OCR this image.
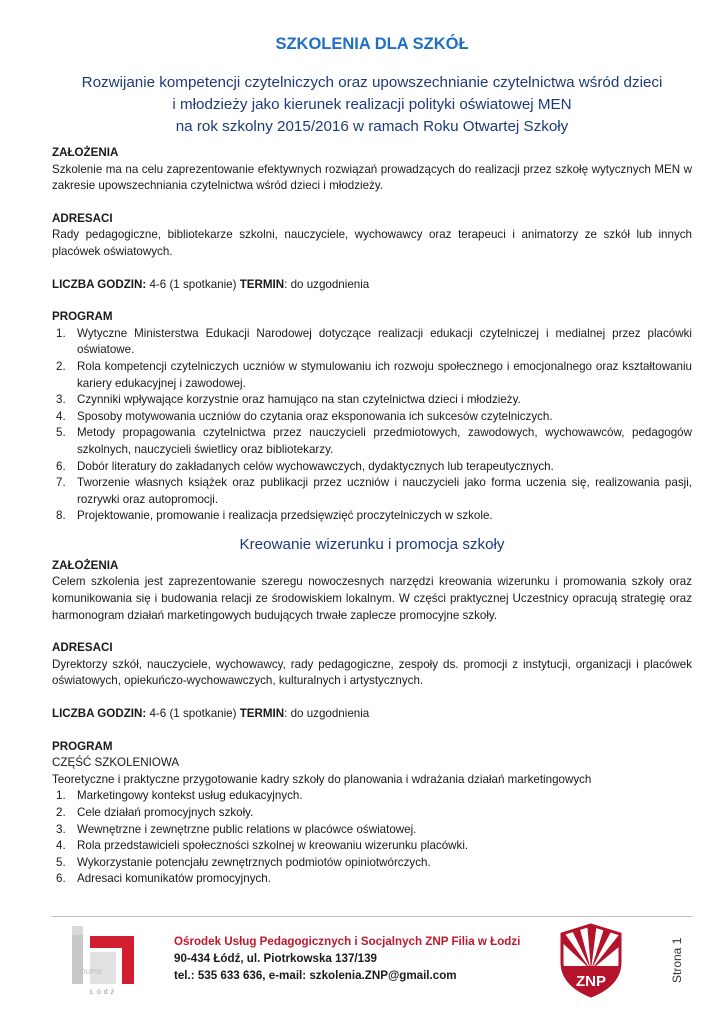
SZKOLENIA DLA SZKÓŁ
Rozwijanie kompetencji czytelniczych oraz upowszechnianie czytelnictwa wśród dzieci
i młodzieży jako kierunek realizacji polityki oświatowej MEN
na rok szkolny 2015/2016 w ramach Roku Otwartej Szkoły

ZAŁOŻENIA

Szkolenie ma na celu zaprezentowanie efektywnych rozwiązań prowadzących do realizacji przez szkołę wytycznych MEN w zakresie upowszechniania czytelnictwa wśród dzieci i młodzieży.

ADRESACI

Rady pedagogiczne, bibliotekarze szkolni, nauczyciele, wychowawcy oraz terapeuci i animatorzy ze szkół lub innych placówek oświatowych.

LICZBA GODZIN: 4-6 (1 spotkanie) TERMIN: do uzgodnienia

PROGRAM

1. Wytyczne Ministerstwa Edukacji Narodowej dotyczące realizacji edukacji czytelniczej i medialnej przez placówki oświatowe.
2. Rola kompetencji czytelniczych uczniów w stymulowaniu ich rozwoju społecznego i emocjonalnego oraz kształtowaniu kariery edukacyjnej i zawodowej.
3. Czynniki wpływające korzystnie oraz hamująco na stan czytelnictwa dzieci i młodzieży.
4. Sposoby motywowania uczniów do czytania oraz eksponowania ich sukcesów czytelniczych.
5. Metody propagowania czytelnictwa przez nauczycieli przedmiotowych, zawodowych, wychowawców, pedagogów szkolnych, nauczycieli świetlicy oraz bibliotekarzy.
6. Dobór literatury do zakładanych celów wychowawczych, dydaktycznych lub terapeutycznych.
7. Tworzenie własnych książek oraz publikacji przez uczniów i nauczycieli jako forma uczenia się, realizowania pasji, rozrywki oraz autopromocji.
8. Projektowanie, promowanie i realizacja przedsięwzięć proczytelniczych w szkole.
Kreowanie wizerunku i promocja szkoły

ZAŁOŻENIA

Celem szkolenia jest zaprezentowanie szeregu nowoczesnych narzędzi kreowania wizerunku i promowania szkoły oraz komunikowania się i budowania relacji ze środowiskiem lokalnym. W części praktycznej Uczestnicy opracują strategię oraz harmonogram działań marketingowych budujących trwałe zaplecze promocyjne szkoły.

ADRESACI

Dyrektorzy szkół, nauczyciele, wychowawcy, rady pedagogiczne, zespoły ds. promocji z instytucji, organizacji i placówek oświatowych, opiekuńczo-wychowawczych, kulturalnych i artystycznych.

LICZBA GODZIN: 4-6 (1 spotkanie) TERMIN: do uzgodnienia

PROGRAM

CZĘŚĆ SZKOLENIOWA

Teoretyczne i praktyczne przygotowanie kadry szkoły do planowania i wdrażania działań marketingowych

1. Marketingowy kontekst usług edukacyjnych.
2. Cele działań promocyjnych szkoły.
3. Wewnętrzne i zewnętrzne public relations w placówce oświatowej.
4. Rola przedstawicieli społeczności szkolnej w kreowaniu wizerunku placówki.
5. Wykorzystanie potencjału zewnętrznych podmiotów opiniotwórczych.
6. Adresaci komunikatów promocyjnych.
OUPiS
Łódź
Ośrodek Usług Pedagogicznych i Socjalnych ZNP Filia w Łodzi
90-434 Łódź, ul. Piotrkowska 137/139
tel.: 535 633 636, e-mail: szkolenia.ZNP@gmail.com	ZNP	Strona 1
